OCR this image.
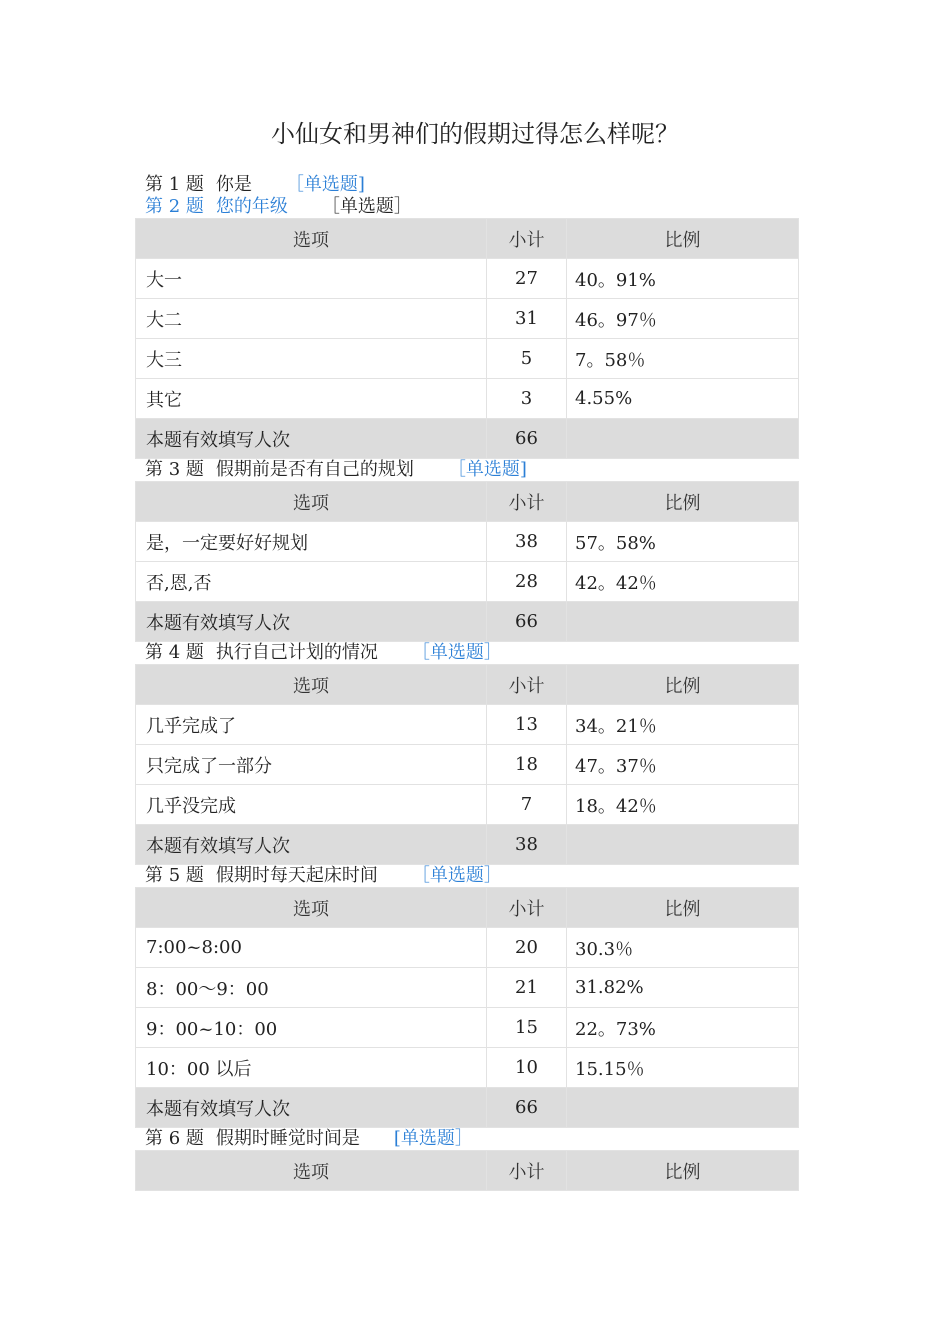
小仙女和男神们的假期过得怎么样呢？
第 1 题 你是 ［单选题]
第 2 题 您的年级 ［单选题］
选项	小计	比例
大一	27	40。91%
大二	31	46。97％
大三	5	7。58％
其它	3	4.55%
本题有效填写人次	66	
第 3 题 假期前是否有自己的规划 ［单选题]
选项	小计	比例
是，一定要好好规划	38	57。58%
否,恩,否	28	42。42％
本题有效填写人次	66	
第 4 题 执行自己计划的情况 ［单选题］
选项	小计	比例
几乎完成了	13	34。21％
只完成了一部分	18	47。37％
几乎没完成	7	18。42％
本题有效填写人次	38	
第 5 题 假期时每天起床时间 ［单选题］
选项	小计	比例
7:00~8:00	20	30.3％
8：00～9：00	21	31.82%
9：00~10：00	15	22。73%
10：00 以后	10	15.15％
本题有效填写人次	66	
第 6 题 假期时睡觉时间是 [单选题］
选项	小计	比例
